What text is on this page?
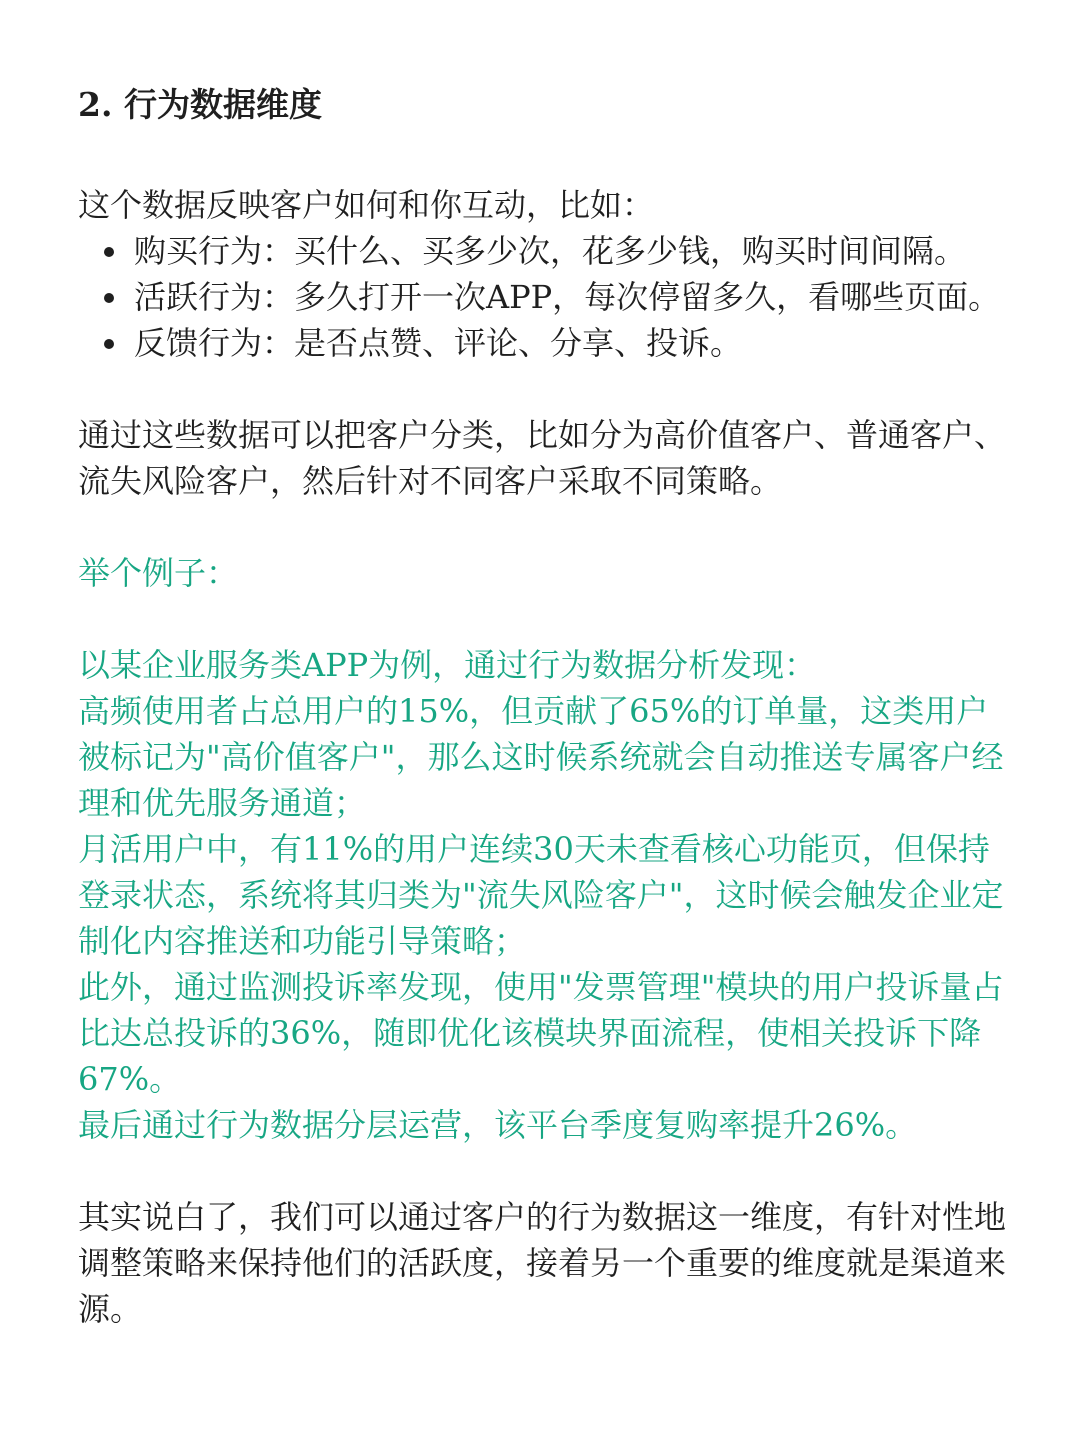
2. 行为数据维度

这个数据反映客户如何和你互动，比如：

购买行为：买什么、买多少次，花多少钱，购买时间间隔。
活跃行为：多久打开一次APP，每次停留多久，看哪些页面。
反馈行为：是否点赞、评论、分享、投诉。

通过这些数据可以把客户分类，比如分为高价值客户、普通客户、流失风险客户，然后针对不同客户采取不同策略。

举个例子：

以某企业服务类APP为例，通过行为数据分析发现：
高频使用者占总用户的15%，但贡献了65%的订单量，这类用户被标记为"高价值客户"，那么这时候系统就会自动推送专属客户经理和优先服务通道；
月活用户中，有11%的用户连续30天未查看核心功能页，但保持登录状态，系统将其归类为"流失风险客户"，这时候会触发企业定制化内容推送和功能引导策略；
此外，通过监测投诉率发现，使用"发票管理"模块的用户投诉量占比达总投诉的36%，随即优化该模块界面流程，使相关投诉下降67%。
最后通过行为数据分层运营，该平台季度复购率提升26%。

其实说白了，我们可以通过客户的行为数据这一维度，有针对性地调整策略来保持他们的活跃度，接着另一个重要的维度就是渠道来源。
